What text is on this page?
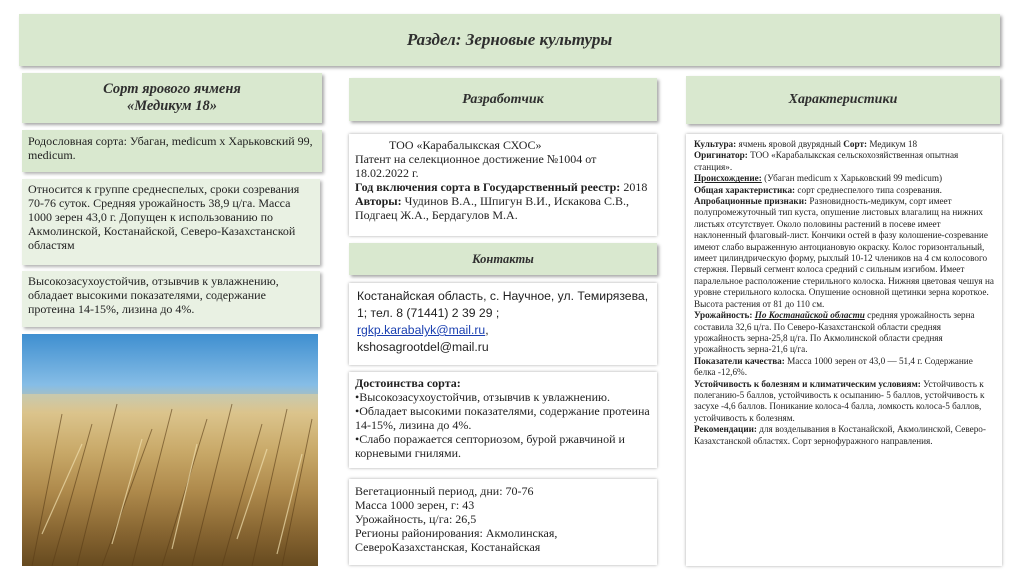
Раздел: Зерновые культуры
Сорт ярового ячменя
«Медикум 18»

Родословная сорта: Убаган, medicum x Харьковский 99, medicum.

Относится к группе среднеспелых, сроки созревания 70-76 суток. Средняя урожайность 38,9 ц/га. Масса 1000 зерен 43,0 г. Допущен к использованию по Акмолинской, Костанайской, Северо-Казахстанской областям

Высокозасухоустойчив, отзывчив к увлажнению, обладает высокими показателями, содержание протеина 14-15%, лизина до 4%.

Разработчик

ТОО «Карабалыкская СХОС»

Патент на селекционное достижение №1004 от 18.02.2022 г.

Год включения сорта в Государственный реестр: 2018

Авторы: Чудинов В.А., Шпигун В.И., Искакова С.В., Подгаец Ж.А., Бердагулов М.А.

Контакты

Костанайская область, с. Научное, ул. Темирязева, 1; тел. 8 (71441) 2 39 29 ;

rgkp.karabalyk@mail.ru,

kshosagrootdel@mail.ru

Достоинства сорта:

•Высокозасухоустойчив, отзывчив к увлажнению.

•Обладает высокими показателями, содержание протеина 14-15%, лизина до 4%.

•Слабо поражается септориозом, бурой ржавчиной и корневыми гнилями.

Вегетационный период, дни: 70-76

Масса 1000 зерен, г: 43

Урожайность, ц/га: 26,5

Регионы районирования: Акмолинская, СевероКазахстанская, Костанайская

Характеристики

Культура: ячмень яровой двурядный Сорт: Медикум 18

Оригинатор: ТОО «Карабалыкская сельскохозяйственная опытная станция».

Происхождение: (Убаган medicum x Харьковский 99 medicum)

Общая характеристика: сорт среднеспелого типа созревания.

Апробационные признаки: Разновидность-медикум, сорт имеет полупромежуточный тип куста, опушение листовых влагалищ на нижних листьях отсутствует. Около половины растений в посеве имеет наклоненный флаговый-лист. Кончики остей в фазу колошение-созревание имеют слабо выраженную антоциановую окраску. Колос горизонтальный, имеет цилиндрическую форму, рыхлый 10-12 члеников на 4 см колосового стержня. Первый сегмент колоса средний с сильным изгибом. Имеет паралельное расположение стерильного колоска. Нижняя цветовая чешуя на уровне стерильного колоска. Опушение основной щетинки зерна короткое. Высота растения от 81 до 110 см.

Урожайность: По Костанайской области средняя урожайность зерна составила 32,6 ц/га. По Северо-Казахстанской области средняя урожайность зерна-25,8 ц/га. По Акмолинской области средняя урожайность зерна-21,6 ц/га.

Показатели качества: Масса 1000 зерен от 43,0 — 51,4 г. Содержание белка -12,6%.

Устойчивость к болезням и климатическим условиям: Устойчивость к полеганию-5 баллов, устойчивость к осыпанию- 5 баллов, устойчивость к засухе -4,6 баллов. Поникание колоса-4 балла, ломкость колоса-5 баллов, устойчивость к болезням.

Рекомендации: для возделывания в Костанайской, Акмолинской, Северо-Казахстанской областях. Сорт зернофуражного направления.
